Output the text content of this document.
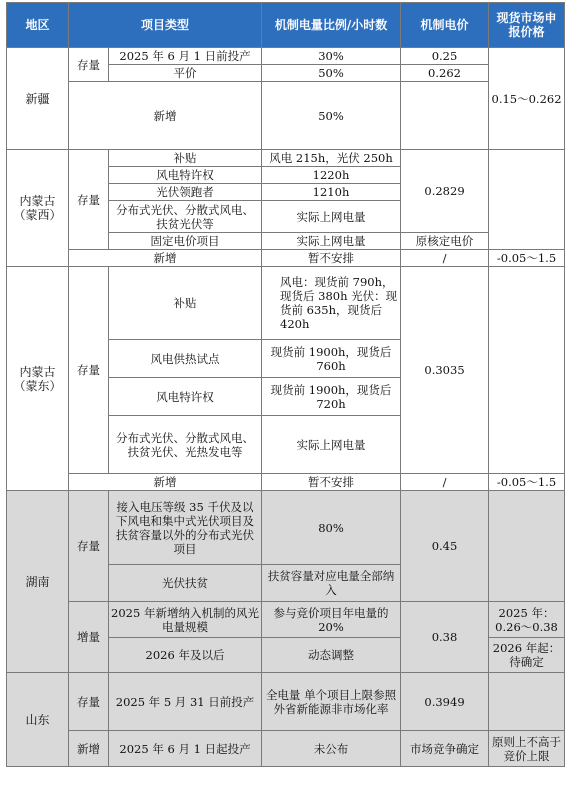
地区	项目类型		机制电量比例/小时数	机制电价	现货市场申报价格
新疆	存量	2025 年 6 月 1 日前投产	30%	0.25	0.15～0.262
		平价	50%	0.262	
	新增		50%		
内蒙古（蒙西）	存量	补贴	风电 215h，光伏 250h	0.2829	
		风电特许权	1220h		
		光伏领跑者	1210h		
		分布式光伏、分散式风电、扶贫光伏等	实际上网电量		

		固定电价项目	实际上网电量	原核定电价	
	新增		暂不安排	/	-0.05～1.5
内蒙古（蒙东）	存量	补贴	风电：现货前 790h，现货后 380h 光伏：现货前 635h，现货后 420h	0.3035	
		风电供热试点	现货前 1900h，现货后 760h		
		风电特许权	现货前 1900h，现货后 720h		
		分布式光伏、分散式风电、扶贫光伏、光热发电等	实际上网电量		
	新增		暂不安排	/	-0.05～1.5
湖南	存量	接入电压等级 35 千伏及以下风电和集中式光伏项目及扶贫容量以外的分布式光伏项目	80%	0.45	
		光伏扶贫	扶贫容量对应电量全部纳入		
	增量	2025 年新增纳入机制的风光电量规模	参与竞价项目年电量的 20%	0.38	2025 年：0.26～0.38
		2026 年及以后	动态调整		2026 年起：待确定
山东	存量	2025 年 5 月 31 日前投产	全电量 单个项目上限参照外省新能源非市场化率	0.3949	
	新增	2025 年 6 月 1 日起投产	未公布	市场竞争确定	原则上不高于竞价上限
